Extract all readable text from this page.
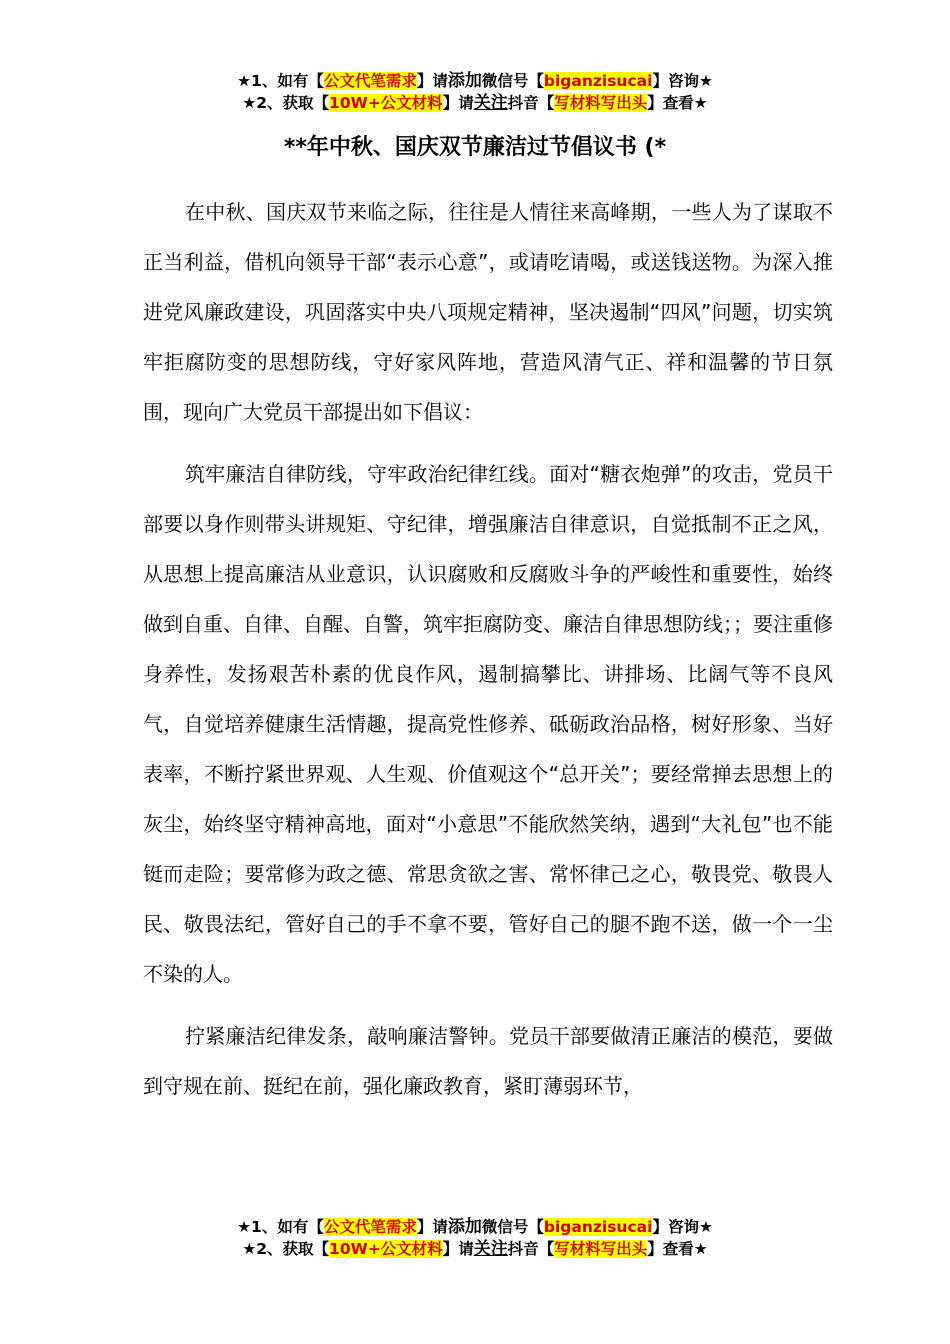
★1、如有【公文代笔需求】请添加微信号【biganzisucai】咨询★
★2、获取【10W+公文材料】请关注抖音【写材料写出头】查看★
**年中秋、国庆双节廉洁过节倡议书 (*

在中秋、国庆双节来临之际，往往是人情往来高峰期，一些人为了谋取不正当利益，借机向领导干部“表示心意”，或请吃请喝，或送钱送物。为深入推进党风廉政建设，巩固落实中央八项规定精神，坚决遏制“四风”问题，切实筑牢拒腐防变的思想防线，守好家风阵地，营造风清气正、祥和温馨的节日氛围，现向广大党员干部提出如下倡议：

筑牢廉洁自律防线，守牢政治纪律红线。面对“糖衣炮弹”的攻击，党员干部要以身作则带头讲规矩、守纪律，增强廉洁自律意识，自觉抵制不正之风，从思想上提高廉洁从业意识，认识腐败和反腐败斗争的严峻性和重要性，始终做到自重、自律、自醒、自警，筑牢拒腐防变、廉洁自律思想防线；；要注重修身养性，发扬艰苦朴素的优良作风，遏制搞攀比、讲排场、比阔气等不良风气，自觉培养健康生活情趣，提高党性修养、砥砺政治品格，树好形象、当好表率，不断拧紧世界观、人生观、价值观这个“总开关”；要经常掸去思想上的灰尘，始终坚守精神高地，面对“小意思”不能欣然笑纳，遇到“大礼包”也不能铤而走险；要常修为政之德、常思贪欲之害、常怀律己之心，敬畏党、敬畏人民、敬畏法纪，管好自己的手不拿不要，管好自己的腿不跑不送，做一个一尘不染的人。

拧紧廉洁纪律发条，敲响廉洁警钟。党员干部要做清正廉洁的模范，要做到守规在前、挺纪在前，强化廉政教育，紧盯薄弱环节，

★1、如有【公文代笔需求】请添加微信号【biganzisucai】咨询★
★2、获取【10W+公文材料】请关注抖音【写材料写出头】查看★
